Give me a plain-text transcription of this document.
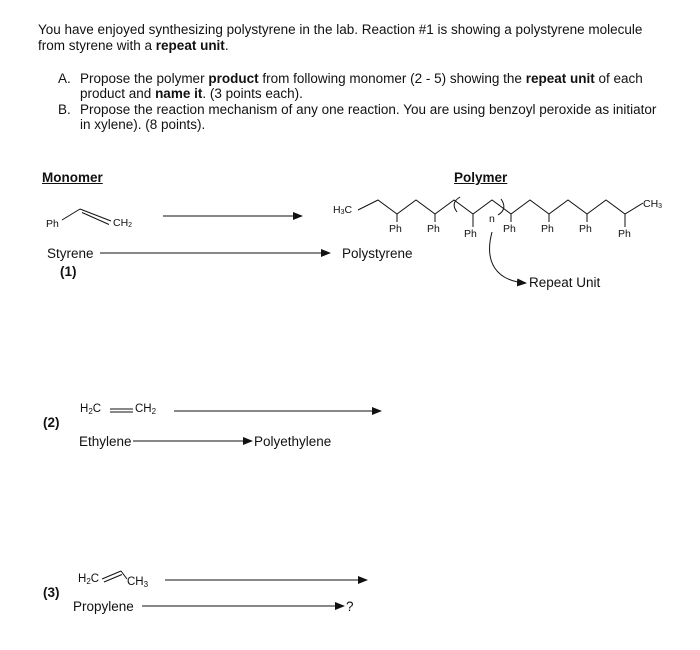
You have enjoyed synthesizing polystyrene in the lab. Reaction #1 is showing a polystyrene molecule from styrene with a repeat unit.
A. Propose the polymer product from following monomer (2 - 5) showing the repeat unit of each product and name it. (3 points each).
B. Propose the reaction mechanism of any one reaction. You are using benzoyl peroxide as initiator in xylene). (8 points).
Monomer	Polymer
Ph	$CH_2$
Styrene
(1)
Polystyrene
$H_3C$	$CH_3$
Ph Ph Ph Ph Ph Ph Ph
n
Repeat Unit
(2)
$H_2C$	$CH_2$
Ethylene	Polyethylene
(3)
$H_2C$ $CH_3$
Propylene	?
